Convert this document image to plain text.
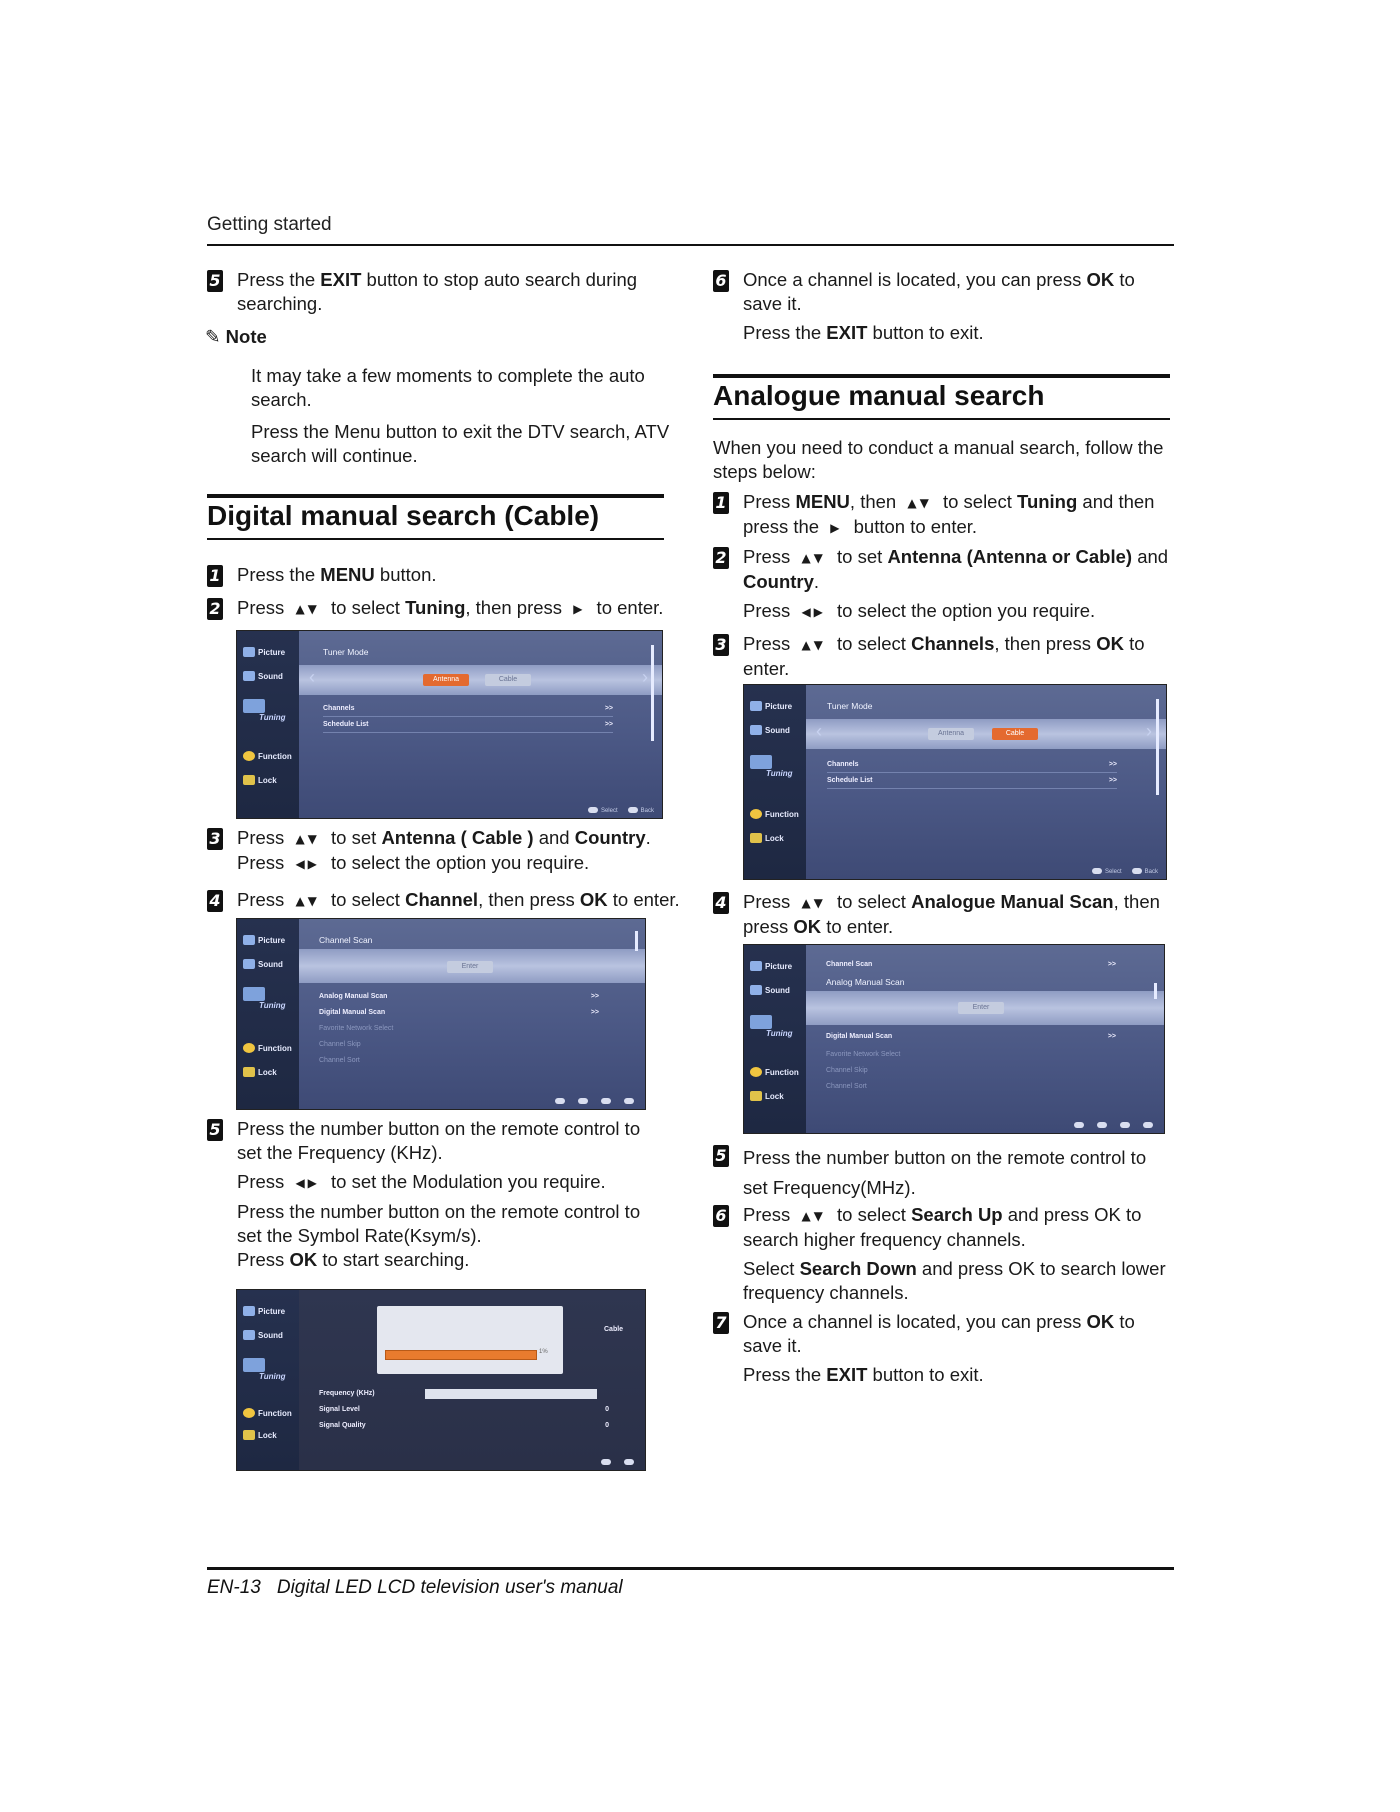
Getting started
5 Press the EXIT button to stop auto search during searching.
✎ Note
It may take a few moments to complete the auto search.
Press the Menu button to exit the DTV search, ATV search will continue.
Digital manual search (Cable)
1 Press the MENU button.
2 Press ▲▼ to select Tuning, then press ▶ to enter.
Picture
Sound

Tuning
Function
Lock
Tuner Mode
‹	›
Antenna	Cable
Channels	>>
Schedule List	>>
Select	Back
3 Press ▲▼ to set Antenna ( Cable ) and Country.
Press ◀▶ to select the option you require.
4 Press ▲▼ to select Channel, then press OK to enter.
Picture
Sound

Tuning
Function
Lock
Channel Scan
Enter
Analog Manual Scan	>>
Digital Manual Scan	>>
Favorite Network Select
Channel Skip
Channel Sort
5 Press the number button on the remote control to set the Frequency (KHz).
Press ◀▶ to set the Modulation you require.
Press the number button on the remote control to set the Symbol Rate(Ksym/s).
Press OK to start searching.
Picture
Sound

Tuning
Function
Lock
1%
Cable
Frequency (KHz)
Signal Level	0
Signal Quality	0
6 Once a channel is located, you can press OK to save it.
Press the EXIT button to exit.
Analogue manual search
When you need to conduct a manual search, follow the steps below:
1 Press MENU, then ▲▼ to select Tuning and then press the ▶ button to enter.
2 Press ▲▼ to set Antenna (Antenna or Cable) and Country.
Press ◀▶ to select the option you require.
3 Press ▲▼ to select Channels, then press OK to enter.
Picture
Sound

Tuning
Function
Lock
Tuner Mode
‹	›
Antenna	Cable
Channels	>>
Schedule List	>>
Select	Back
4 Press ▲▼ to select Analogue Manual Scan, then press OK to enter.
Picture
Sound

Tuning
Function
Lock
Channel Scan	>>
Analog Manual Scan
Enter
Digital Manual Scan	>>
Favorite Network Select
Channel Skip
Channel Sort
5 Press the number button on the remote control to set Frequency(MHz).
6 Press ▲▼ to select Search Up and press OK to search higher frequency channels.
Select Search Down and press OK to search lower frequency channels.
7 Once a channel is located, you can press OK to save it.
Press the EXIT button to exit.
EN-13 Digital LED LCD television user's manual
